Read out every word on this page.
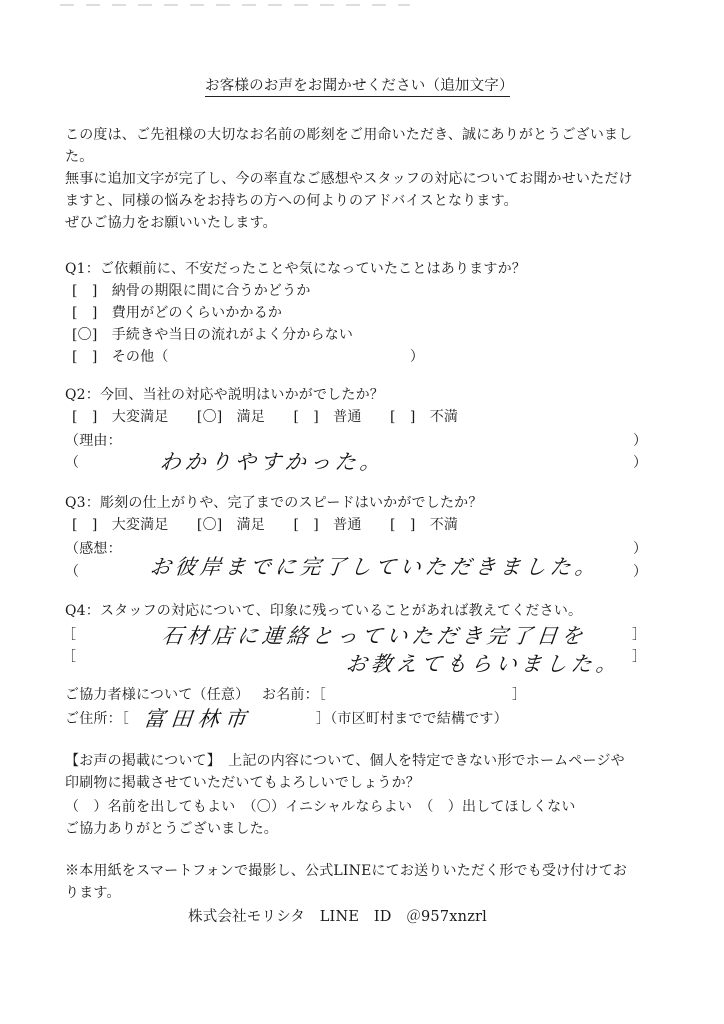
お客様のお声をお聞かせください（追加文字）
この度は、ご先祖様の大切なお名前の彫刻をご用命いただき、誠にありがとうございまし
た。
無事に追加文字が完了し、今の率直なご感想やスタッフの対応についてお聞かせいただけ
ますと、同様の悩みをお持ちの方への何よりのアドバイスとなります。
ぜひご協力をお願いいたします。
Q1：ご依頼前に、不安だったことや気になっていたことはありますか？
[　]　納骨の期限に間に合うかどうか
[　]　費用がどのくらいかかるか
[〇]　手続きや当日の流れがよく分からない
[　]　その他（　　　　　　　　　　　　　　　　　）
Q2：今回、当社の対応や説明はいかがでしたか？
[　]　大変満足　　[〇]　満足　　[　]　普通　　[　]　不満
（理由：	）
（	）
わかりやすかった。
Q3：彫刻の仕上がりや、完了までのスピードはいかがでしたか？
[　]　大変満足　　[〇]　満足　　[　]　普通　　[　]　不満
（感想：	）
（	）
お彼岸までに完了していただきました。
Q4：スタッフの対応について、印象に残っていることがあれば教えてください。
［	］
［	］
石材店に連絡とっていただき完了日を
お教えてもらいました。
ご協力者様について（任意） お名前：［	］
ご住所：［ 富田林市	］（市区町村までで結構です）
【お声の掲載について】　上記の内容について、個人を特定できない形でホームページや
印刷物に掲載させていただいてもよろしいでしょうか？
（　）名前を出してもよい　（〇）イニシャルならよい　（　）出してほしくない
ご協力ありがとうございました。
※本用紙をスマートフォンで撮影し、公式LINEにてお送りいただく形でも受け付けてお
ります。
株式会社モリシタ　LINE　ID　＠957xnzrl
